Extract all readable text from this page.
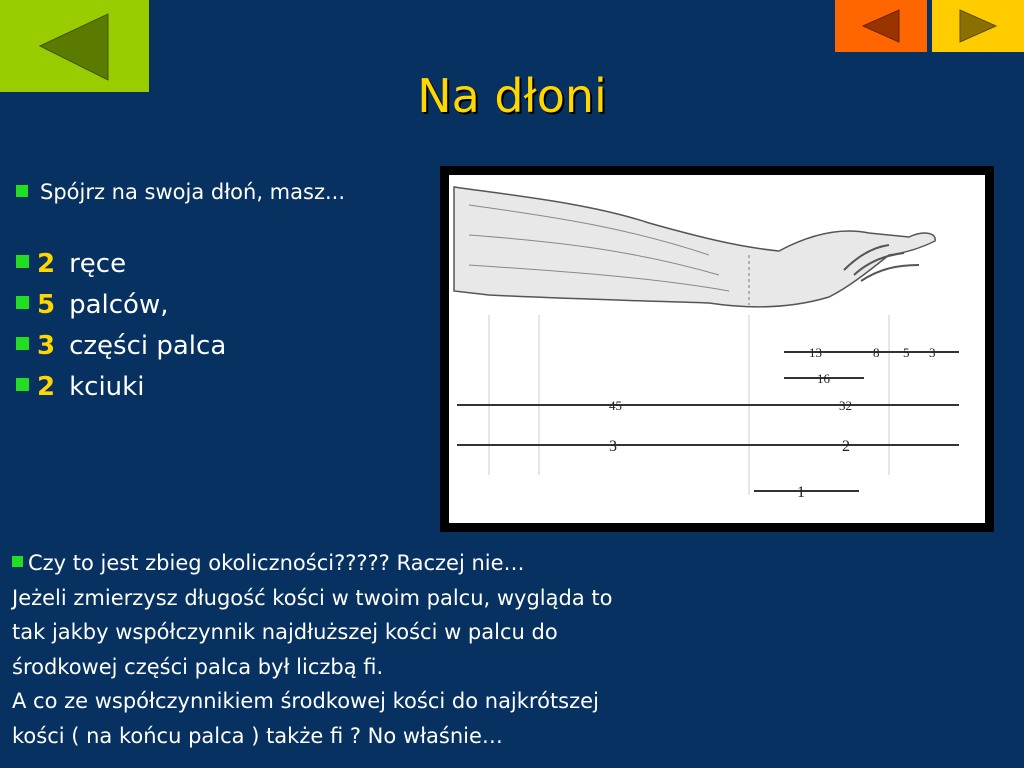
Na dłoni
Spójrz na swoja dłoń, masz...
2 ręce
5 palców,
3 części palca
2 kciuki
13	8 5 3
16
45	32
3	2
1
Czy to jest zbieg okoliczności????? Raczej nie…
Jeżeli zmierzysz długość kości w twoim palcu, wygląda to
tak jakby współczynnik najdłuższej kości w palcu do
środkowej części palca był liczbą fi.
A co ze współczynnikiem środkowej kości do najkrótszej
kości ( na końcu palca ) także fi ? No właśnie…
